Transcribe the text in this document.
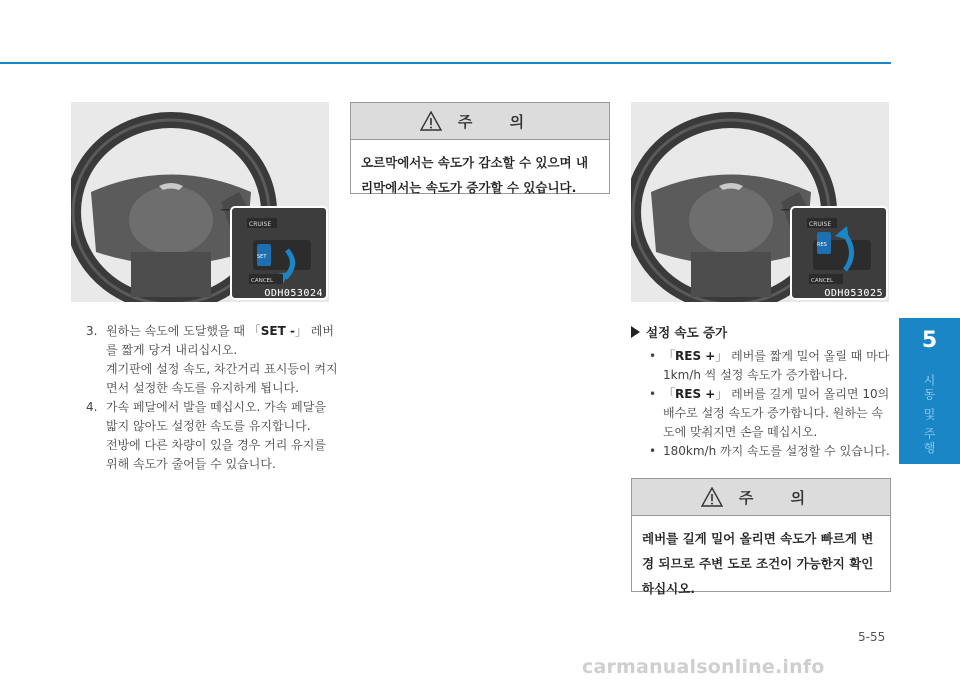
CRUISE
SET
CANCEL
ODH053024
3. 원하는 속도에 도달했을 때 「SET -」 레버를 짧게 당겨 내리십시오.

계기판에 설정 속도, 차간거리 표시등이 켜지면서 설정한 속도를 유지하게 됩니다.

4. 가속 페달에서 발을 떼십시오. 가속 페달을 밟지 않아도 설정한 속도를 유지합니다.

전방에 다른 차량이 있을 경우 거리 유지를 위해 속도가 줄어들 수 있습니다.

주 의
오르막에서는 속도가 감소할 수 있으며 내리막에서는 속도가 증가할 수 있습니다.
CRUISE
RES
CANCEL
ODH053025
설정 속도 증가
• 「RES +」 레버를 짧게 밀어 올릴 때 마다 1km/h 씩 설정 속도가 증가합니다.
• 「RES +」 레버를 길게 밀어 올리면 10의 배수로 설정 속도가 증가합니다. 원하는 속도에 맞춰지면 손을 떼십시오.
• 180km/h 까지 속도를 설정할 수 있습니다.
주 의
레버를 길게 밀어 올리면 속도가 빠르게 변경 되므로 주변 도로 조건이 가능한지 확인하십시오.
5
시동 및 주행
5-55
carmanualsonline.info
